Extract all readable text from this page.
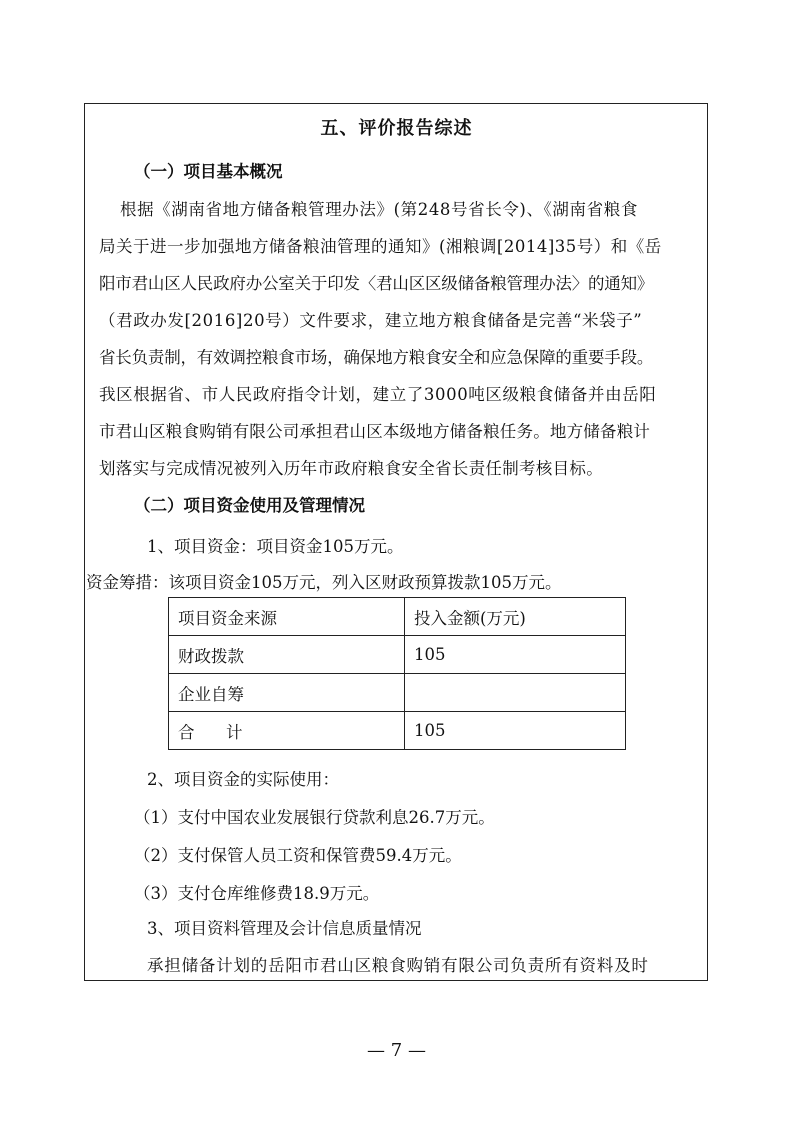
五、评价报告综述
（一）项目基本概况
根据《湖南省地方储备粮管理办法》(第248号省长令)、《湖南省粮食
局关于进一步加强地方储备粮油管理的通知》(湘粮调[2014]35号）和《岳
阳市君山区人民政府办公室关于印发〈君山区区级储备粮管理办法〉的通知》
（君政办发[2016]20号）文件要求，建立地方粮食储备是完善“米袋子”
省长负责制，有效调控粮食市场，确保地方粮食安全和应急保障的重要手段。
我区根据省、市人民政府指令计划，建立了3000吨区级粮食储备并由岳阳
市君山区粮食购销有限公司承担君山区本级地方储备粮任务。地方储备粮计
划落实与完成情况被列入历年市政府粮食安全省长责任制考核目标。
（二）项目资金使用及管理情况
1、项目资金：项目资金105万元。
资金筹措：该项目资金105万元，列入区财政预算拨款105万元。
项目资金来源	投入金额(万元)
财政拨款	105
企业自筹	
合      计	105
2、项目资金的实际使用：
（1）支付中国农业发展银行贷款利息26.7万元。
（2）支付保管人员工资和保管费59.4万元。
（3）支付仓库维修费18.9万元。
3、项目资料管理及会计信息质量情况
承担储备计划的岳阳市君山区粮食购销有限公司负责所有资料及时
— 7 —
